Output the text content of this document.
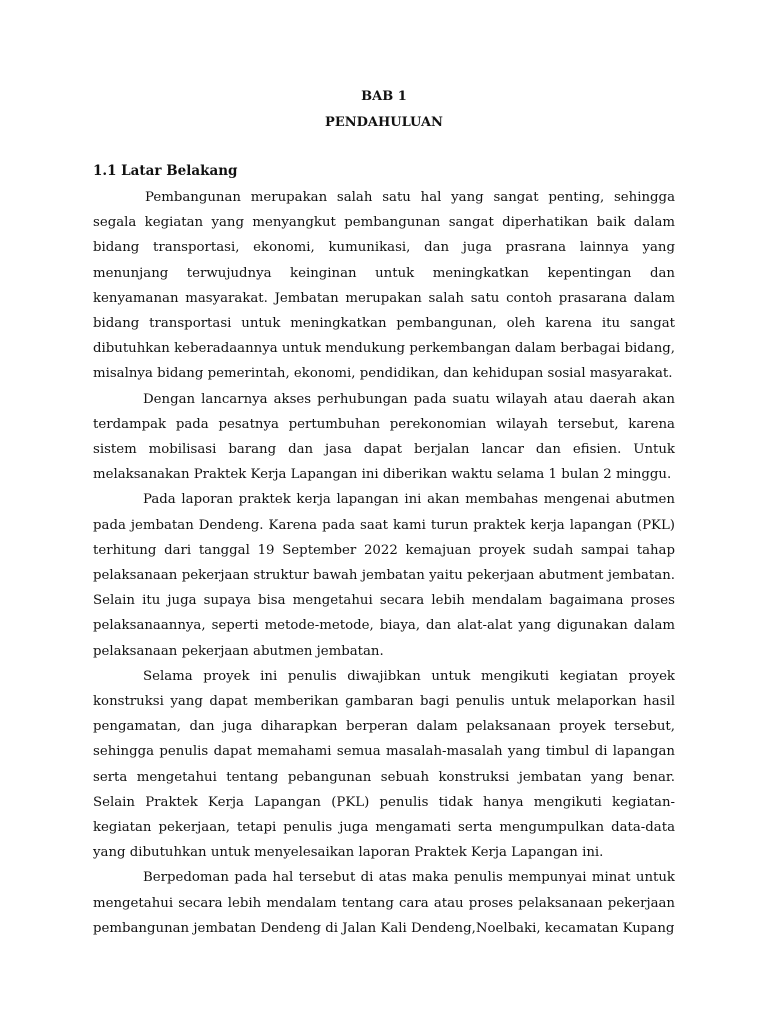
BAB 1

PENDAHULUAN

1.1 Latar Belakang

Pembangunan merupakan salah satu hal yang sangat penting, sehingga segala kegiatan yang menyangkut pembangunan sangat diperhatikan baik dalam bidang transportasi, ekonomi, kumunikasi, dan juga prasrana lainnya yang menunjang terwujudnya keinginan untuk meningkatkan kepentingan dan kenyamanan masyarakat. Jembatan merupakan salah satu contoh prasarana dalam bidang transportasi untuk meningkatkan pembangunan, oleh karena itu sangat dibutuhkan keberadaannya untuk mendukung perkembangan dalam berbagai bidang, misalnya bidang pemerintah, ekonomi, pendidikan, dan kehidupan sosial masyarakat.

Dengan lancarnya akses perhubungan pada suatu wilayah atau daerah akan terdampak pada pesatnya pertumbuhan perekonomian wilayah tersebut, karena sistem mobilisasi barang dan jasa dapat berjalan lancar dan efisien. Untuk melaksanakan Praktek Kerja Lapangan ini diberikan waktu selama 1 bulan 2 minggu.

Pada laporan praktek kerja lapangan ini akan membahas mengenai abutmen pada jembatan Dendeng. Karena pada saat kami turun praktek kerja lapangan (PKL) terhitung dari tanggal 19 September 2022 kemajuan proyek sudah sampai tahap pelaksanaan pekerjaan struktur bawah jembatan yaitu pekerjaan abutment jembatan. Selain itu juga supaya bisa mengetahui secara lebih mendalam bagaimana proses pelaksanaannya, seperti metode-metode, biaya, dan alat-alat yang digunakan dalam pelaksanaan pekerjaan abutmen jembatan.

Selama proyek ini penulis diwajibkan untuk mengikuti kegiatan proyek konstruksi yang dapat memberikan gambaran bagi penulis untuk melaporkan hasil pengamatan, dan juga diharapkan berperan dalam pelaksanaan proyek tersebut, sehingga penulis dapat memahami semua masalah-masalah yang timbul di lapangan serta mengetahui tentang pebangunan sebuah konstruksi jembatan yang benar. Selain Praktek Kerja Lapangan (PKL) penulis tidak hanya mengikuti kegiatan-kegiatan pekerjaan, tetapi penulis juga mengamati serta mengumpulkan data-data yang dibutuhkan untuk menyelesaikan laporan Praktek Kerja Lapangan ini.

Berpedoman pada hal tersebut di atas maka penulis mempunyai minat untuk mengetahui secara lebih mendalam tentang cara atau proses pelaksanaan pekerjaan pembangunan jembatan Dendeng di Jalan Kali Dendeng,Noelbaki, kecamatan Kupang
